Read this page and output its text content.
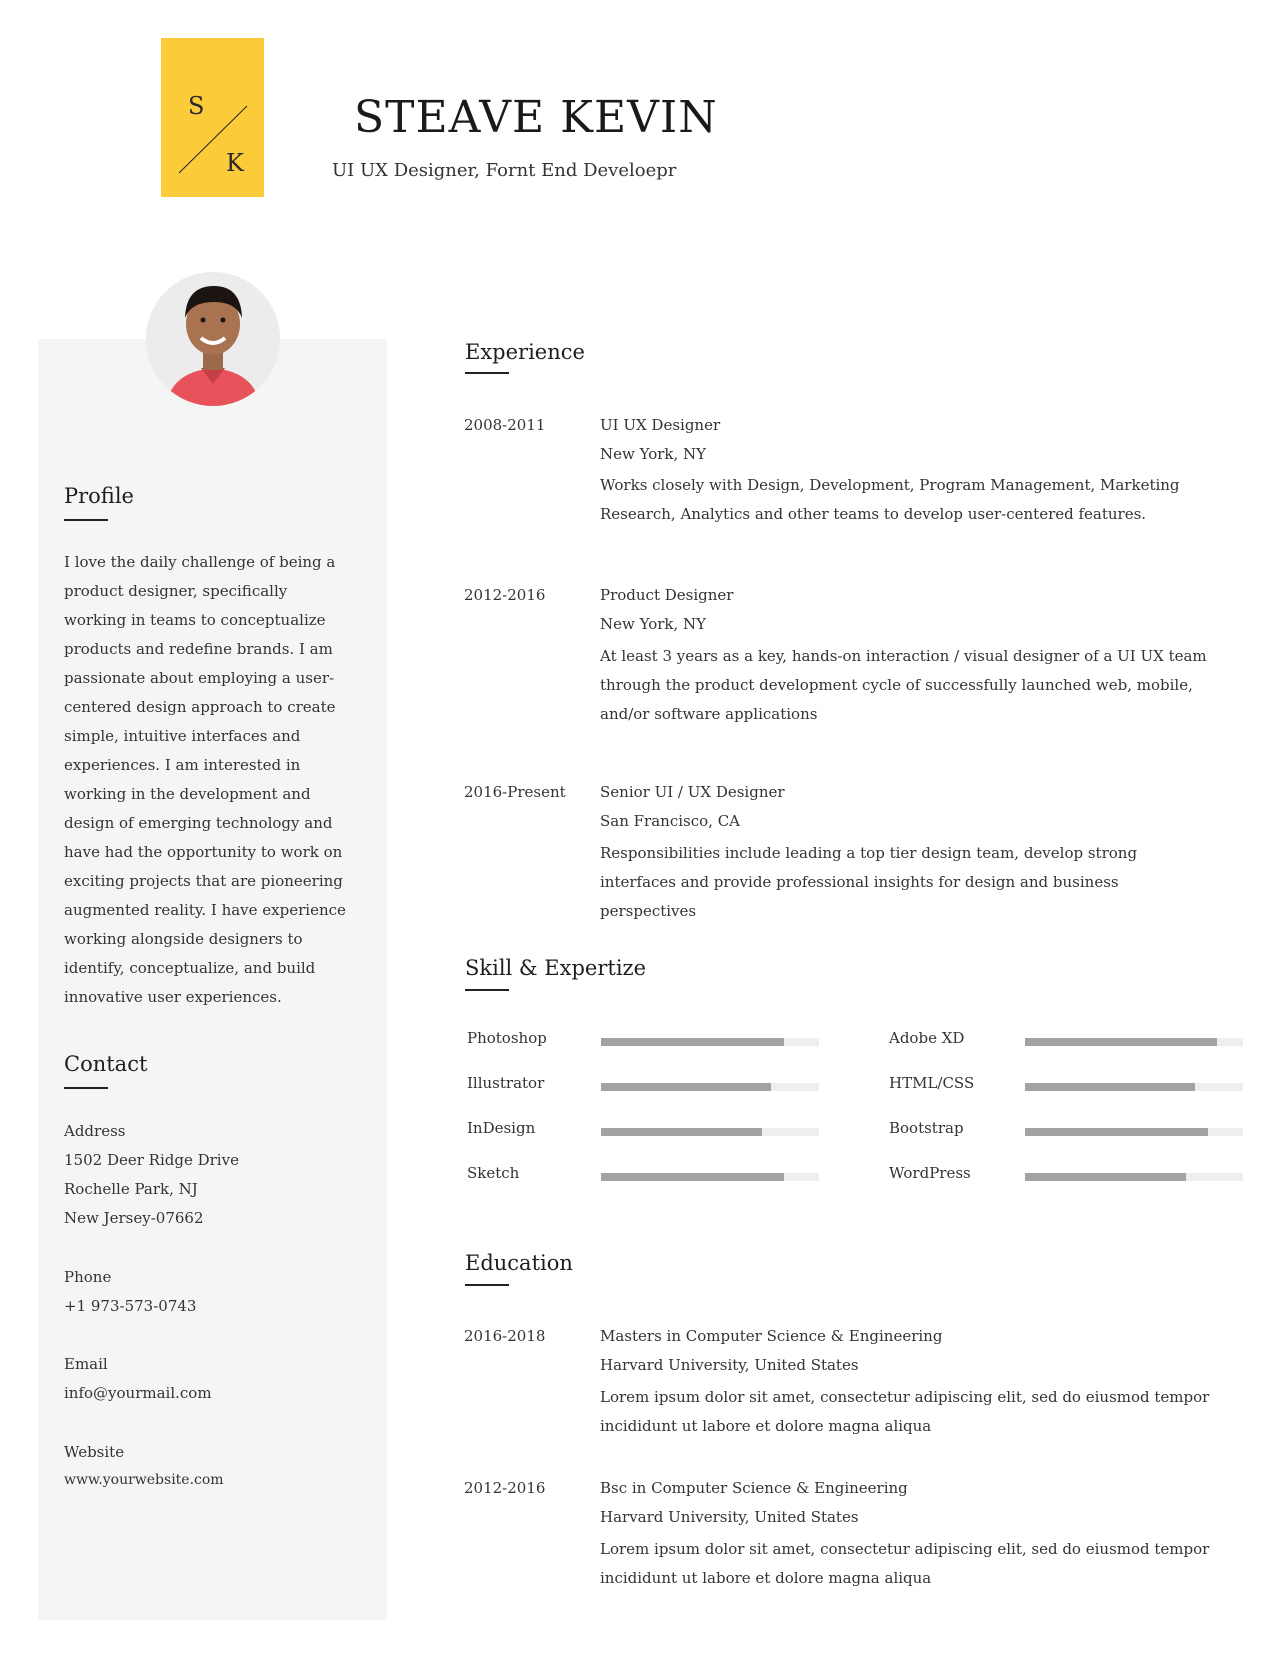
S
K
STEAVE KEVIN
UI UX Designer, Fornt End Develoepr
Profile
I love the daily challenge of being a product designer, specifically working in teams to conceptualize products and redefine brands. I am passionate about employing a user-centered design approach to create simple, intuitive interfaces and experiences. I am interested in working in the development and design of emerging technology and have had the opportunity to work on exciting projects that are pioneering augmented reality. I have experience working alongside designers to identify, conceptualize, and build innovative user experiences.
Contact
Address
1502 Deer Ridge Drive
Rochelle Park, NJ
New Jersey-07662
Phone
+1 973-573-0743
Email
info@yourmail.com
Website
www.yourwebsite.com
Experience
2008-2011	UI UX Designer
New York, NY
Works closely with Design, Development, Program Management, Marketing Research, Analytics and other teams to develop user-centered features.
2012-2016	Product Designer
New York, NY
At least 3 years as a key, hands-on interaction / visual designer of a UI UX team through the product development cycle of successfully launched web, mobile, and/or software applications
2016-Present Senior UI / UX Designer
San Francisco, CA
Responsibilities include leading a top tier design team, develop strong interfaces and provide professional insights for design and business perspectives
Skill & Expertize
Photoshop
Illustrator
InDesign
Sketch
Adobe XD
HTML/CSS
Bootstrap
WordPress
Education
2016-2018	Masters in Computer Science & Engineering
Harvard University, United States
Lorem ipsum dolor sit amet, consectetur adipiscing elit, sed do eiusmod tempor incididunt ut labore et dolore magna aliqua
2012-2016	Bsc in Computer Science & Engineering
Harvard University, United States
Lorem ipsum dolor sit amet, consectetur adipiscing elit, sed do eiusmod tempor incididunt ut labore et dolore magna aliqua
